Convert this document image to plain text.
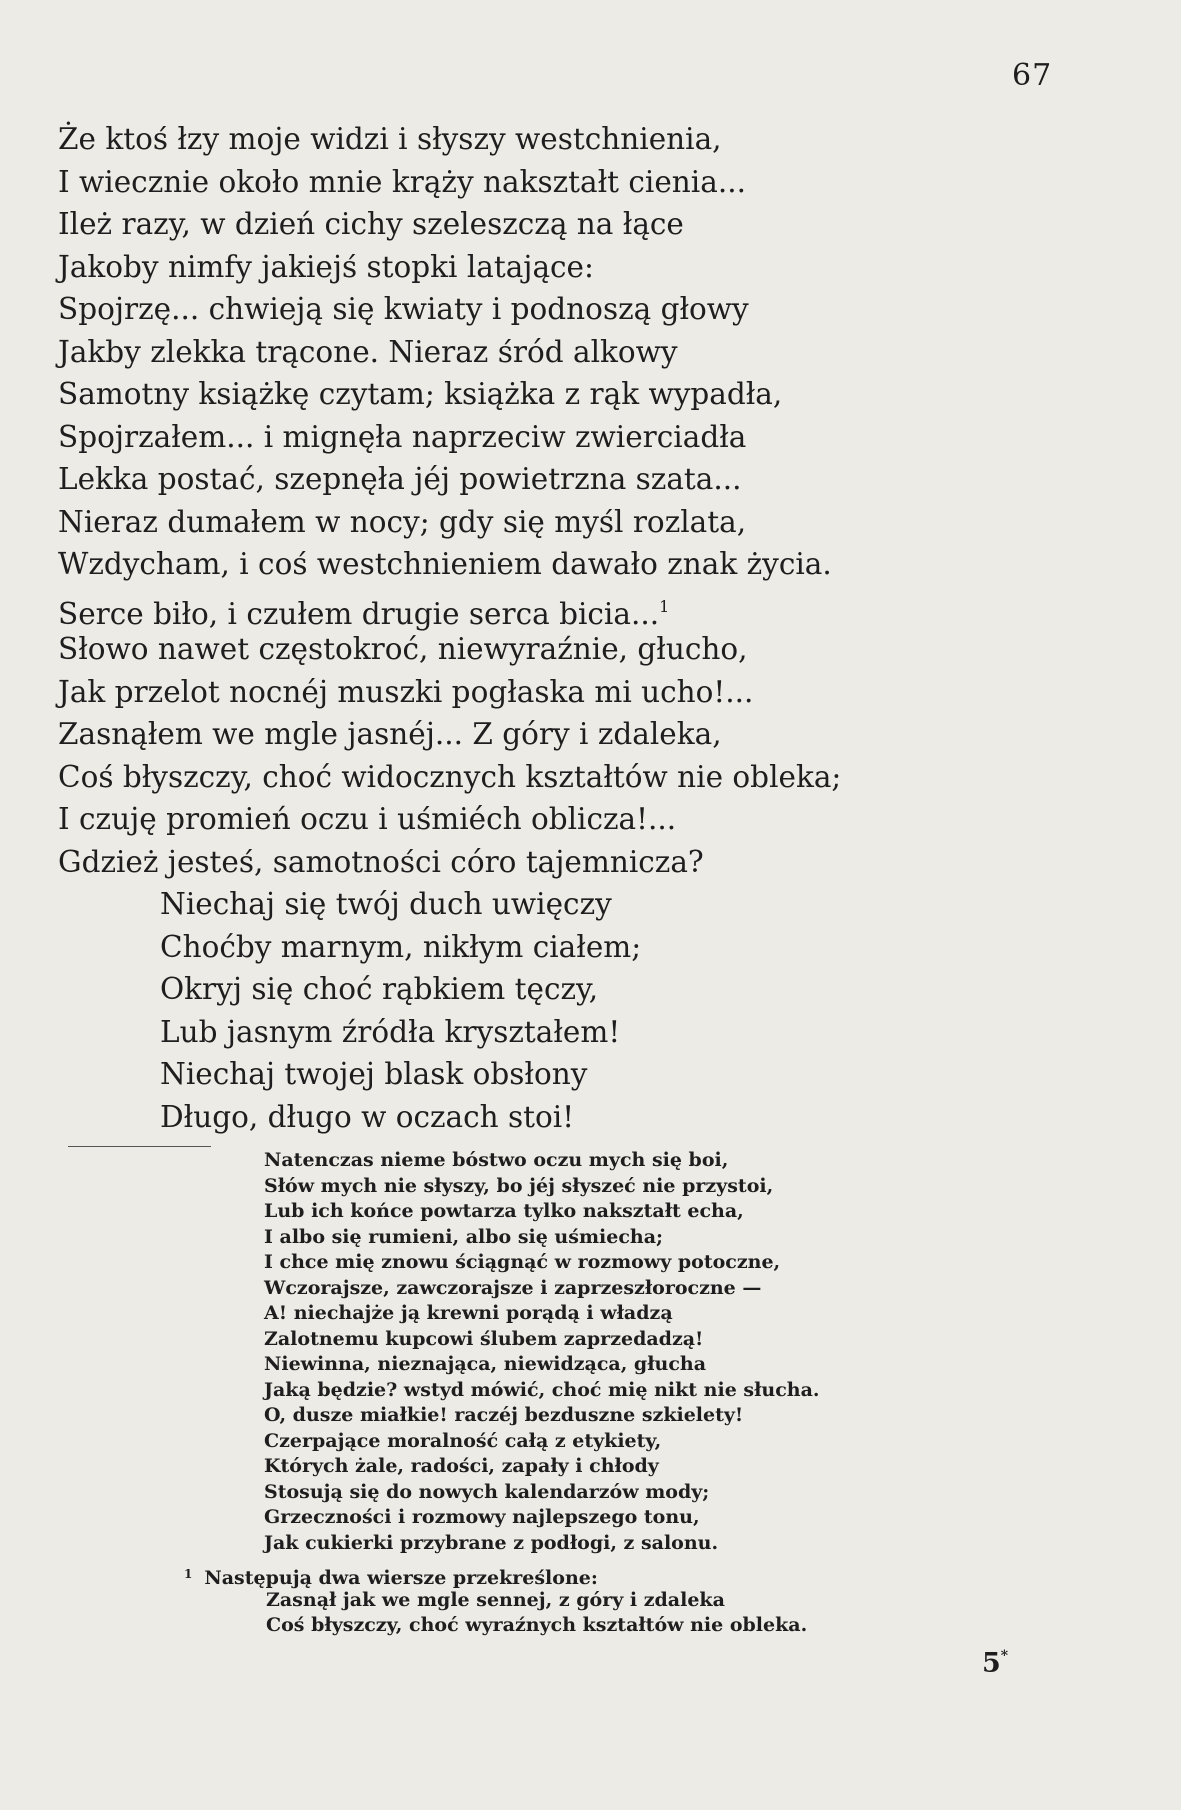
67
Że ktoś łzy moje widzi i słyszy westchnienia,
I wiecznie około mnie krąży nakształt cienia...
Ileż razy, w dzień cichy szeleszczą na łące
Jakoby nimfy jakiejś stopki latające:
Spojrzę... chwieją się kwiaty i podnoszą głowy
Jakby zlekka trącone. Nieraz śród alkowy
Samotny książkę czytam; książka z rąk wypadła,
Spojrzałem... i mignęła naprzeciw zwierciadła
Lekka postać, szepnęła jéj powietrzna szata...
Nieraz dumałem w nocy; gdy się myśl rozlata,
Wzdycham, i coś westchnieniem dawało znak życia.
Serce biło, i czułem drugie serca bicia...$^1$
Słowo nawet częstokroć, niewyraźnie, głucho,
Jak przelot nocnéj muszki pogłaska mi ucho!...
Zasnąłem we mgle jasnéj... Z góry i zdaleka,
Coś błyszczy, choć widocznych kształtów nie obleka;
I czuję promień oczu i uśmiéch oblicza!...
Gdzież jesteś, samotności córo tajemnicza?
Niechaj się twój duch uwięczy
Choćby marnym, nikłym ciałem;
Okryj się choć rąbkiem tęczy,
Lub jasnym źródła kryształem!
Niechaj twojej blask obsłony
Długo, długo w oczach stoi!
Natenczas nieme bóstwo oczu mych się boi,
Słów mych nie słyszy, bo jéj słyszeć nie przystoi,
Lub ich końce powtarza tylko nakształt echa,
I albo się rumieni, albo się uśmiecha;
I chce mię znowu ściągnąć w rozmowy potoczne,
Wczorajsze, zawczorajsze i zaprzeszłoroczne —
A! niechajże ją krewni porądą i władzą
Zalotnemu kupcowi ślubem zaprzedadzą!
Niewinna, nieznająca, niewidząca, głucha
Jaką będzie? wstyd mówić, choć mię nikt nie słucha.
O, dusze miałkie! raczéj bezduszne szkielety!
Czerpające moralność całą z etykiety,
Których żale, radości, zapały i chłody
Stosują się do nowych kalendarzów mody;
Grzeczności i rozmowy najlepszego tonu,
Jak cukierki przybrane z podłogi, z salonu.
$^1$ Następują dwa wiersze przekreślone:
Zasnął jak we mgle sennej, z góry i zdaleka
Coś błyszczy, choć wyraźnych kształtów nie obleka.
5*
